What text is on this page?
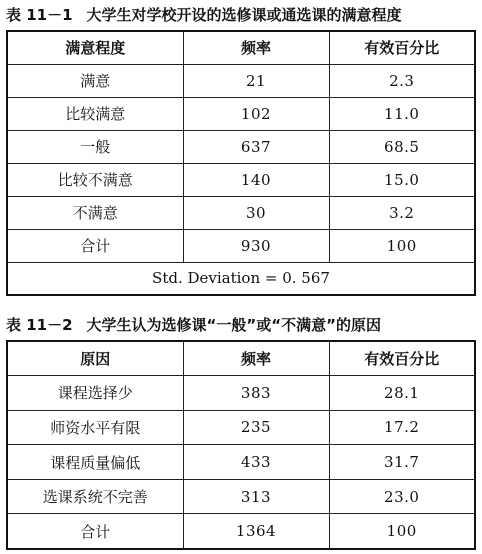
表 11－1 大学生对学校开设的选修课或通选课的满意程度
满意程度	频率	有效百分比
满意	21	2.3
比较满意	102	11.0
一般	637	68.5
比较不满意	140	15.0
不满意	30	3.2
合计	930	100
Std. Deviation = 0. 567		
表 11－2 大学生认为选修课“一般”或“不满意”的原因
原因	频率	有效百分比
课程选择少	383	28.1
师资水平有限	235	17.2
课程质量偏低	433	31.7
选课系统不完善	313	23.0
合计	1364	100
